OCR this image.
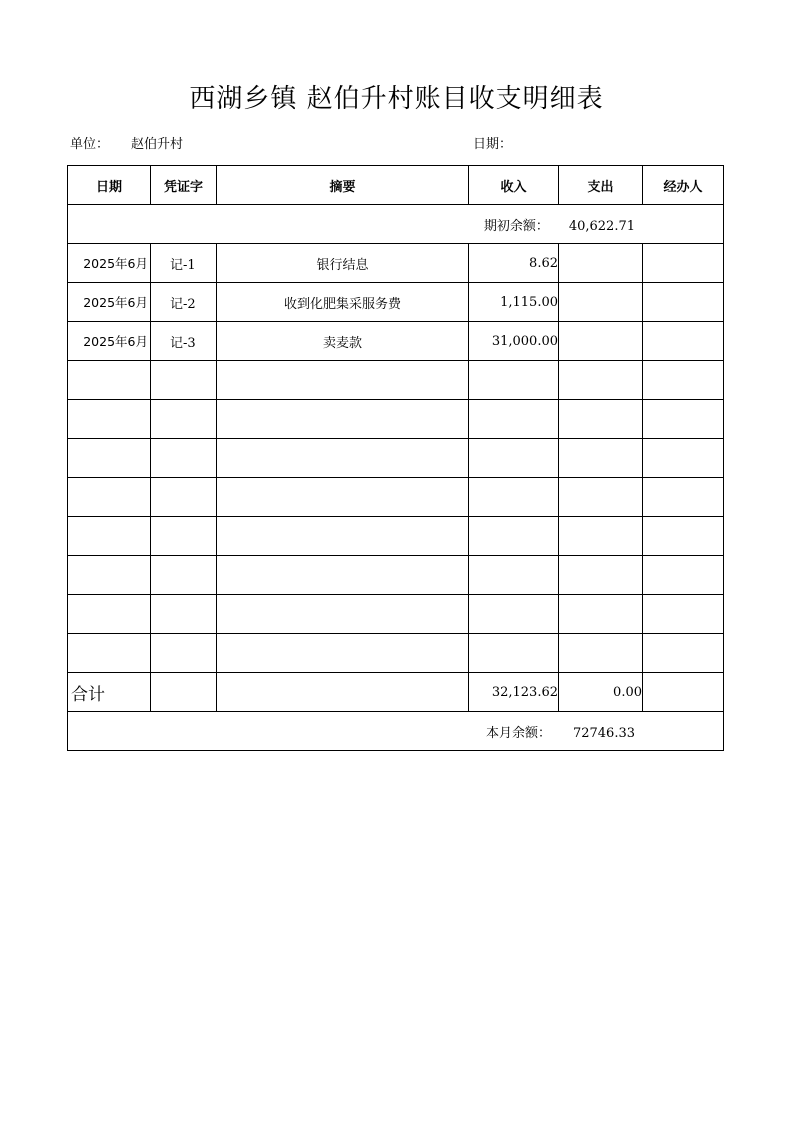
西湖乡镇 赵伯升村账目收支明细表
单位： 赵伯升村	日期：
日期	凭证字	摘要	收入	支出	经办人
期初余额： 40,622.71					
2025年6月	记-1	银行结息	8.62		
2025年6月	记-2	收到化肥集采服务费	1,115.00		
2025年6月	记-3	卖麦款	31,000.00		

合计			32,123.62	0.00	
本月余额： 72746.33					
